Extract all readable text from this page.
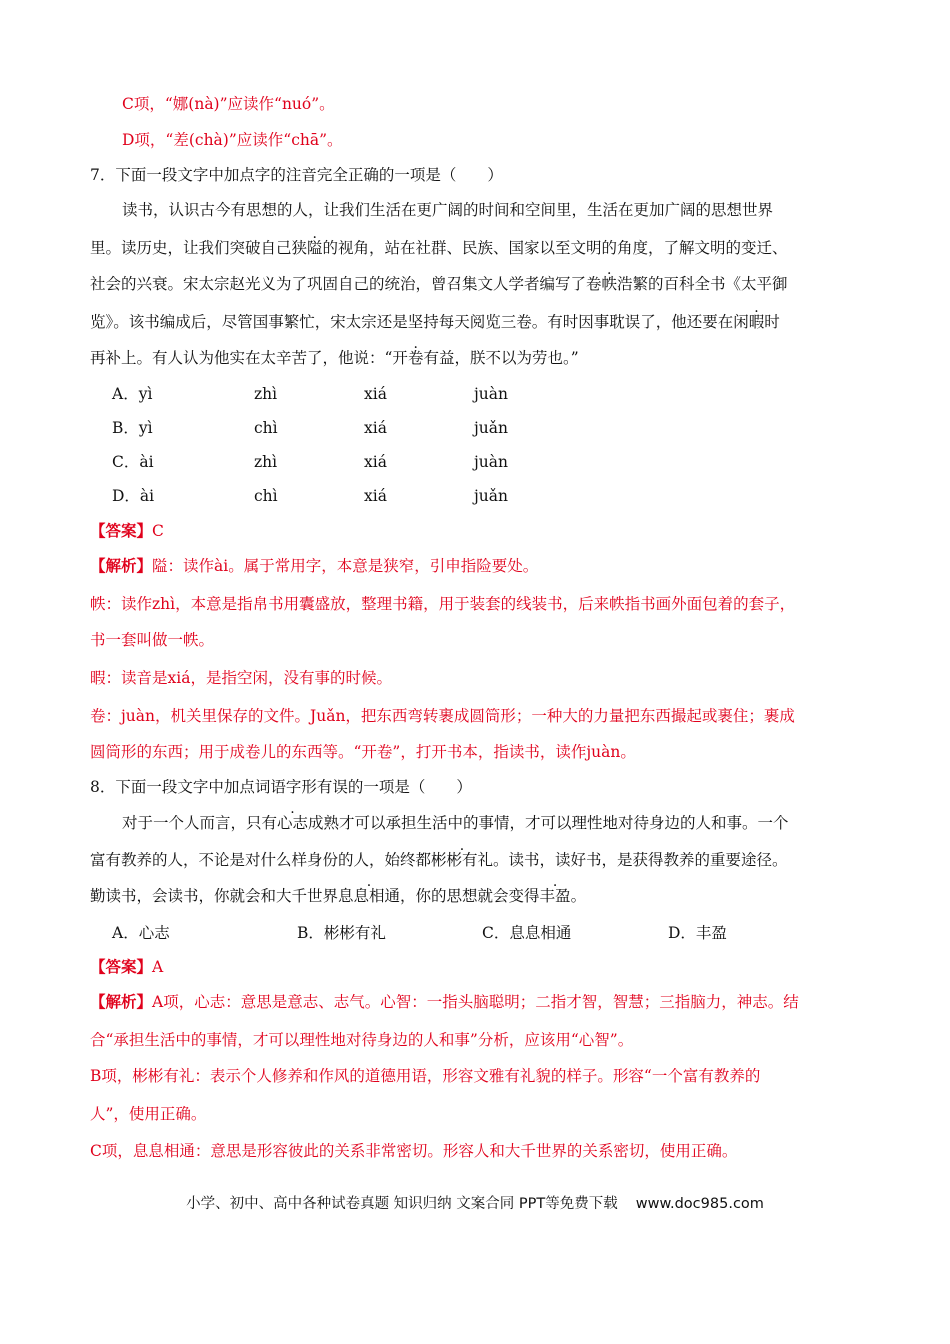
C项，“娜(nà)”应读作“nuó”。
D项，“差(chà)”应读作“chā”。
7．下面一段文字中加点字的注音完全正确的一项是（　　）
读书，认识古今有思想的人，让我们生活在更广阔的时间和空间里，生活在更加广阔的思想世界
里。读历史，让我们突破自己狭隘的视角，站在社群、民族、国家以至文明的角度，了解文明的变迁、
社会的兴衰。宋太宗赵光义为了巩固自己的统治，曾召集文人学者编写了卷帙浩繁的百科全书《太平御
览》。该书编成后，尽管国事繁忙，宋太宗还是坚持每天阅览三卷。有时因事耽误了，他还要在闲暇时
再补上。有人认为他实在太辛苦了，他说：“开卷有益，朕不以为劳也。”
A．yì	zhì	xiá	juàn
B．yì	chì	xiá	juǎn
C．ài	zhì	xiá	juàn
D．ài	chì	xiá	juǎn
【答案】C
【解析】隘：读作ài。属于常用字，本意是狭窄，引申指险要处。
帙：读作zhì，本意是指帛书用囊盛放，整理书籍，用于装套的线装书，后来帙指书画外面包着的套子，
书一套叫做一帙。
暇：读音是xiá，是指空闲，没有事的时候。
卷：juàn，机关里保存的文件。Juǎn，把东西弯转裹成圆筒形；一种大的力量把东西撮起或裹住；裹成
圆筒形的东西；用于成卷儿的东西等。“开卷”，打开书本，指读书，读作juàn。
8．下面一段文字中加点词语字形有误的一项是（　　）
对于一个人而言，只有心志成熟才可以承担生活中的事情，才可以理性地对待身边的人和事。一个
富有教养的人，不论是对什么样身份的人，始终都彬彬有礼。读书，读好书，是获得教养的重要途径。
勤读书，会读书，你就会和大千世界息息相通，你的思想就会变得丰盈。
A．心志	B．彬彬有礼	C．息息相通	D．丰盈
【答案】A
【解析】A项，心志：意思是意志、志气。心智：一指头脑聪明；二指才智，智慧；三指脑力，神志。结
合“承担生活中的事情，才可以理性地对待身边的人和事”分析，应该用“心智”。
B项，彬彬有礼：表示个人修养和作风的道德用语，形容文雅有礼貌的样子。形容“一个富有教养的
人”，使用正确。
C项，息息相通：意思是形容彼此的关系非常密切。形容人和大千世界的关系密切，使用正确。
小学、初中、高中各种试卷真题 知识归纳 文案合同 PPT等免费下载 www.doc985.com
